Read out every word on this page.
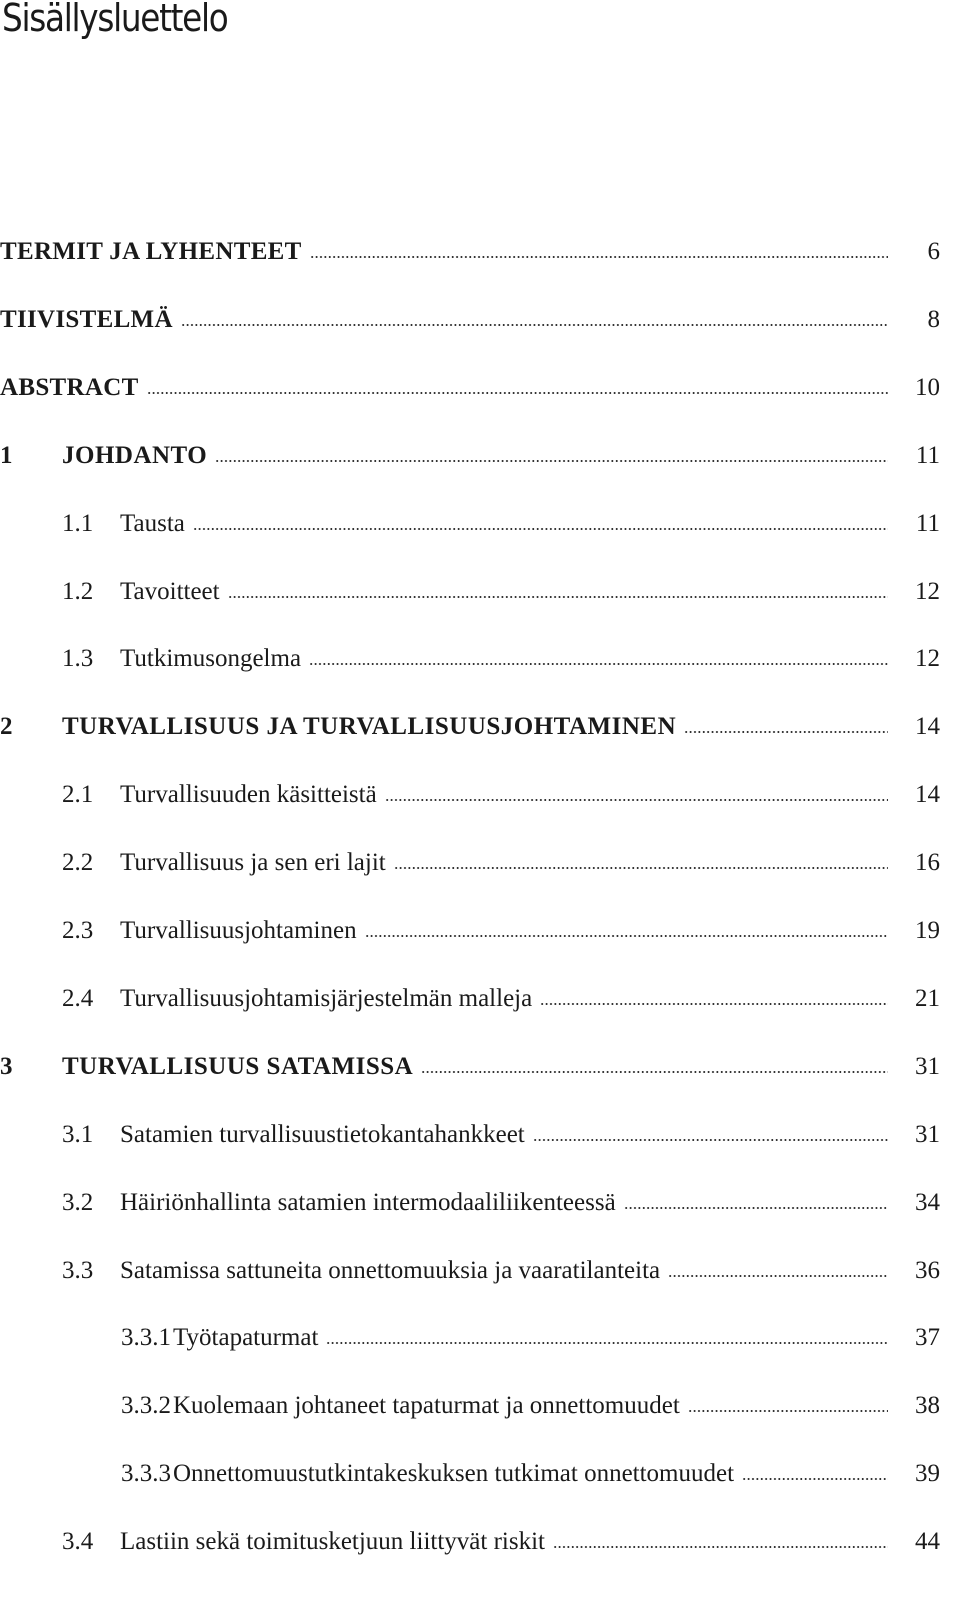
Sisällysluettelo
TERMIT JA LYHENTEET	6
TIIVISTELMÄ	8
ABSTRACT	10
1	JOHDANTO	11
1.1	Tausta	11
1.2	Tavoitteet	12
1.3	Tutkimusongelma	12
2	TURVALLISUUS JA TURVALLISUUSJOHTAMINEN	14
2.1	Turvallisuuden käsitteistä	14
2.2	Turvallisuus ja sen eri lajit	16
2.3	Turvallisuusjohtaminen	19
2.4	Turvallisuusjohtamisjärjestelmän malleja	21
3	TURVALLISUUS SATAMISSA	31
3.1	Satamien turvallisuustietokantahankkeet	31
3.2	Häiriönhallinta satamien intermodaaliliikenteessä	34
3.3	Satamissa sattuneita onnettomuuksia ja vaaratilanteita	36
3.3.1 Työtapaturmat	37
3.3.2 Kuolemaan johtaneet tapaturmat ja onnettomuudet	38
3.3.3 Onnettomuustutkintakeskuksen tutkimat onnettomuudet	39
3.4	Lastiin sekä toimitusketjuun liittyvät riskit	44
